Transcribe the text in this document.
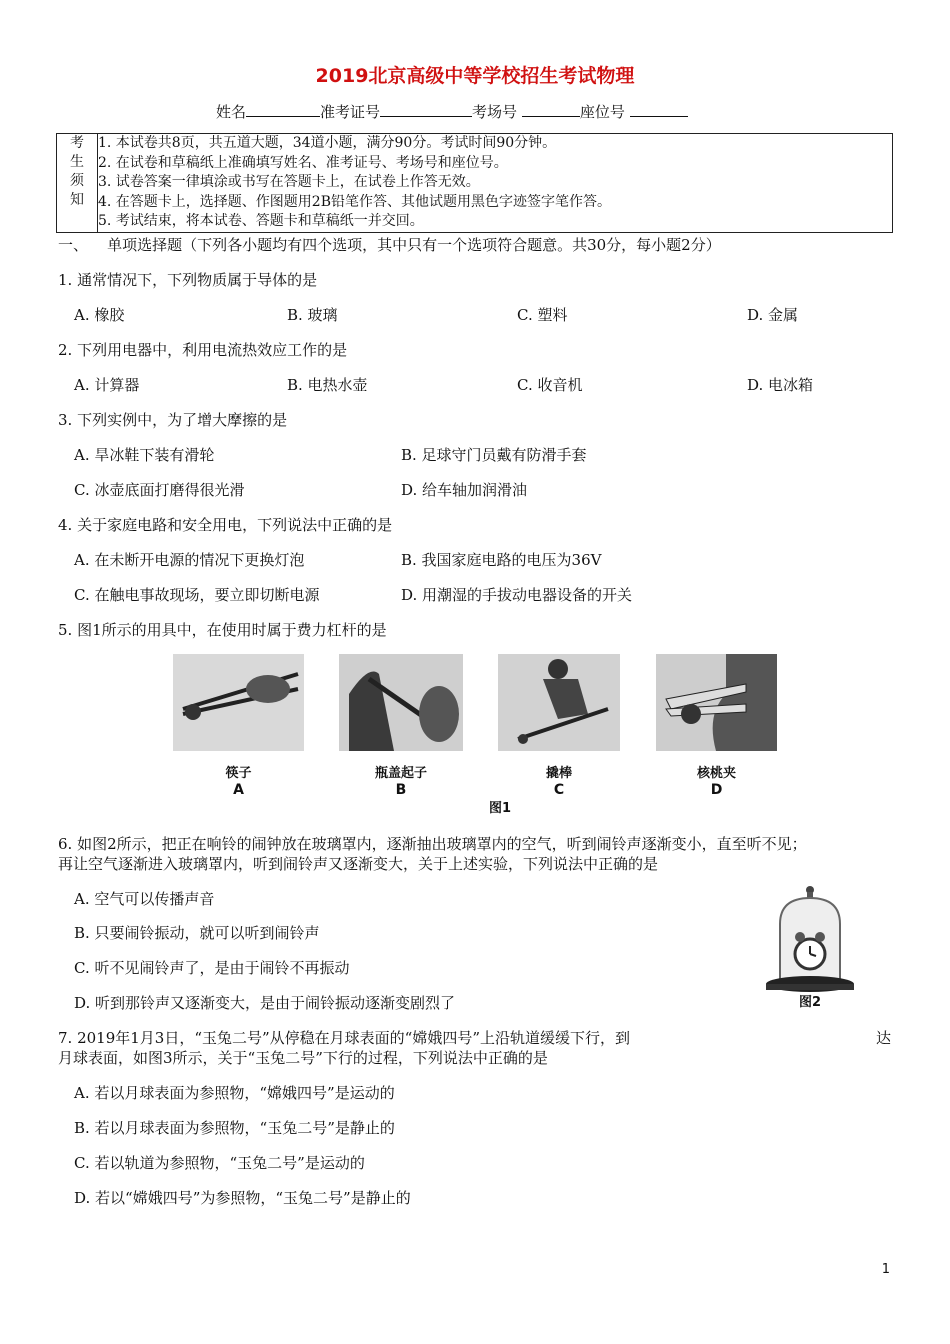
2019北京高级中等学校招生考试物理
姓名	准考证号	考场号	座位号
考
生
须
知

1. 本试卷共8页，共五道大题，34道小题，满分90分。考试时间90分钟。
2. 在试卷和草稿纸上准确填写姓名、准考证号、考场号和座位号。
3. 试卷答案一律填涂或书写在答题卡上，在试卷上作答无效。
4. 在答题卡上，选择题、作图题用2B铅笔作答、其他试题用黑色字迹签字笔作答。
5. 考试结束，将本试卷、答题卡和草稿纸一并交回。
一、 单项选择题（下列各小题均有四个选项，其中只有一个选项符合题意。共30分，每小题2分）
1. 通常情况下，下列物质属于导体的是
A. 橡胶	B. 玻璃	C. 塑料	D. 金属
2. 下列用电器中，利用电流热效应工作的是
A. 计算器	B. 电热水壶	C. 收音机	D. 电冰箱
3. 下列实例中，为了增大摩擦的是
A. 旱冰鞋下装有滑轮	B. 足球守门员戴有防滑手套
C. 冰壶底面打磨得很光滑	D. 给车轴加润滑油
4. 关于家庭电路和安全用电，下列说法中正确的是
A. 在未断开电源的情况下更换灯泡	B. 我国家庭电路的电压为36V
C. 在触电事故现场，要立即切断电源	D. 用潮湿的手拔动电器设备的开关
5. 图1所示的用具中，在使用时属于费力杠杆的是
筷子	瓶盖起子	撬棒	核桃夹
A	B	C	D
图1
6. 如图2所示，把正在响铃的闹钟放在玻璃罩内，逐渐抽出玻璃罩内的空气，听到闹铃声逐渐变小，直至听不见；
再让空气逐渐进入玻璃罩内，听到闹铃声又逐渐变大，关于上述实验，下列说法中正确的是
A. 空气可以传播声音
B. 只要闹铃振动，就可以听到闹铃声
C. 听不见闹铃声了，是由于闹铃不再振动
D. 听到那铃声又逐渐变大，是由于闹铃振动逐渐变剧烈了	图2
7. 2019年1月3日，“玉兔二号”从停稳在月球表面的“嫦娥四号”上沿轨道缓缓下行，到	达
月球表面，如图3所示，关于“玉兔二号”下行的过程，下列说法中正确的是
A. 若以月球表面为参照物，“嫦娥四号”是运动的
B. 若以月球表面为参照物，“玉兔二号”是静止的
C. 若以轨道为参照物，“玉兔二号”是运动的
D. 若以“嫦娥四号”为参照物，“玉兔二号”是静止的
1
